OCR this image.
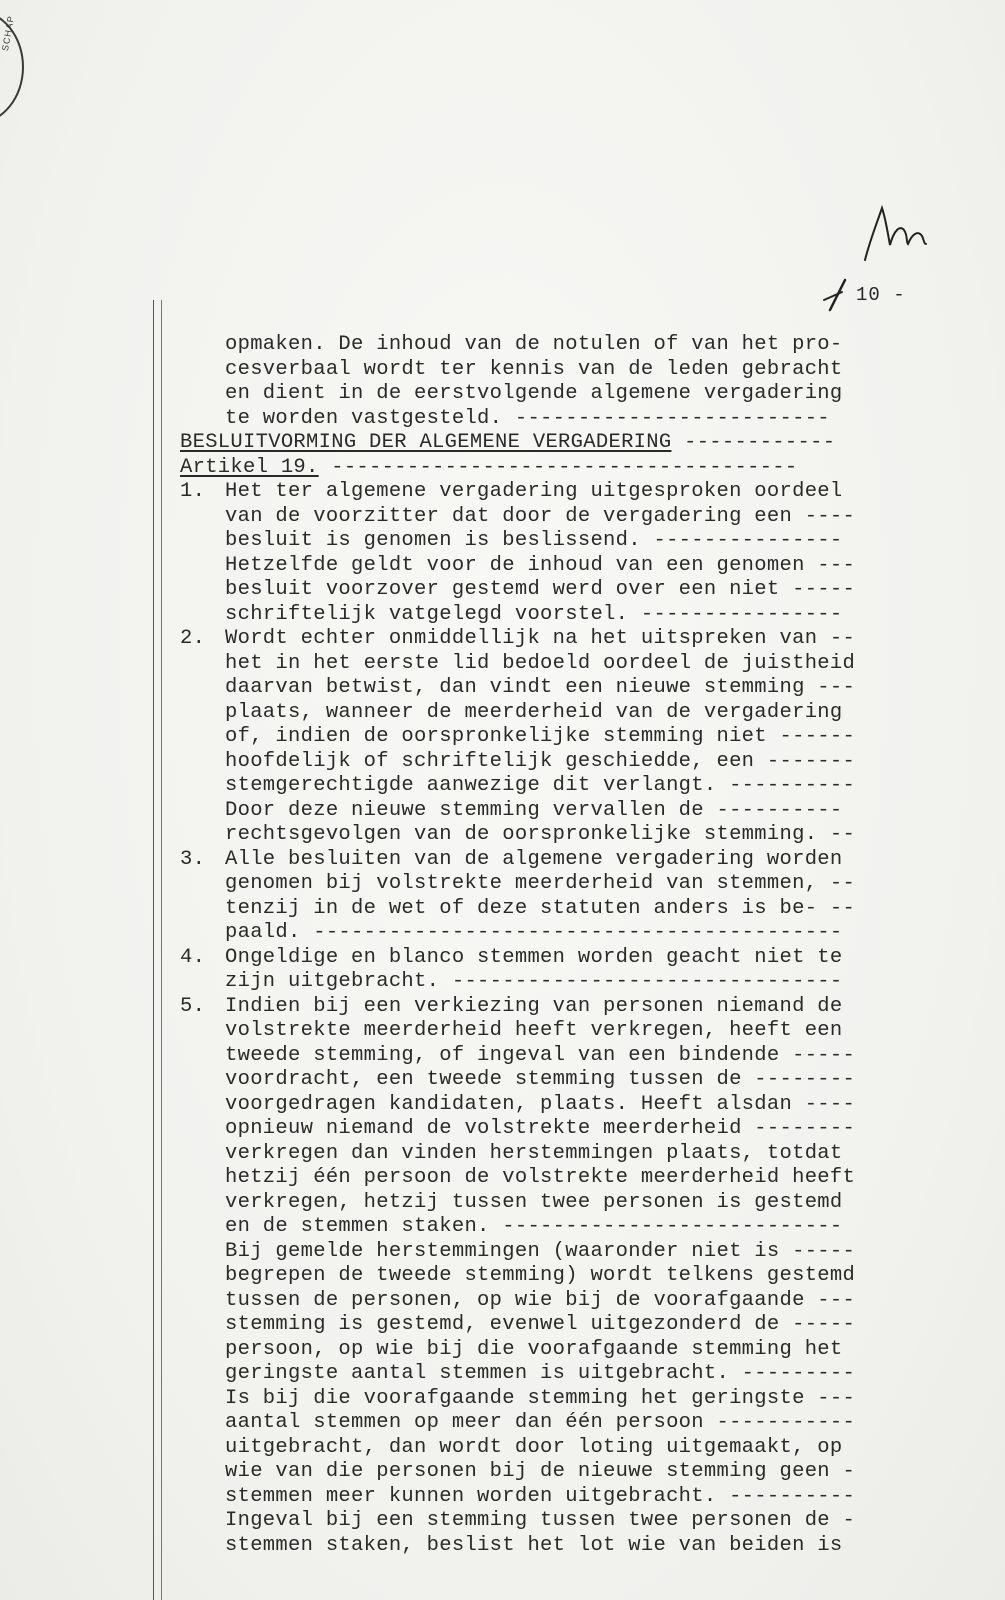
SCHAP
10 -
opmaken. De inhoud van de notulen of van het pro-
cesverbaal wordt ter kennis van de leden gebracht
en dient in de eerstvolgende algemene vergadering
te worden vastgesteld. -------------------------
BESLUITVORMING DER ALGEMENE VERGADERING ------------
Artikel 19. -------------------------------------
1. Het ter algemene vergadering uitgesproken oordeel
van de voorzitter dat door de vergadering een ----
besluit is genomen is beslissend. ---------------
Hetzelfde geldt voor de inhoud van een genomen ---
besluit voorzover gestemd werd over een niet -----
schriftelijk vatgelegd voorstel. ----------------
2. Wordt echter onmiddellijk na het uitspreken van --
het in het eerste lid bedoeld oordeel de juistheid
daarvan betwist, dan vindt een nieuwe stemming ---
plaats, wanneer de meerderheid van de vergadering
of, indien de oorspronkelijke stemming niet ------
hoofdelijk of schriftelijk geschiedde, een -------
stemgerechtigde aanwezige dit verlangt. ----------
Door deze nieuwe stemming vervallen de ----------
rechtsgevolgen van de oorspronkelijke stemming. --
3. Alle besluiten van de algemene vergadering worden
genomen bij volstrekte meerderheid van stemmen, --
tenzij in de wet of deze statuten anders is be- --
paald. ------------------------------------------
4. Ongeldige en blanco stemmen worden geacht niet te
zijn uitgebracht. -------------------------------
5. Indien bij een verkiezing van personen niemand de
volstrekte meerderheid heeft verkregen, heeft een
tweede stemming, of ingeval van een bindende -----
voordracht, een tweede stemming tussen de --------
voorgedragen kandidaten, plaats. Heeft alsdan ----
opnieuw niemand de volstrekte meerderheid --------
verkregen dan vinden herstemmingen plaats, totdat
hetzij één persoon de volstrekte meerderheid heeft
verkregen, hetzij tussen twee personen is gestemd
en de stemmen staken. ---------------------------
Bij gemelde herstemmingen (waaronder niet is -----
begrepen de tweede stemming) wordt telkens gestemd
tussen de personen, op wie bij de voorafgaande ---
stemming is gestemd, evenwel uitgezonderd de -----
persoon, op wie bij die voorafgaande stemming het
geringste aantal stemmen is uitgebracht. ---------
Is bij die voorafgaande stemming het geringste ---
aantal stemmen op meer dan één persoon -----------
uitgebracht, dan wordt door loting uitgemaakt, op
wie van die personen bij de nieuwe stemming geen -
stemmen meer kunnen worden uitgebracht. ----------
Ingeval bij een stemming tussen twee personen de -
stemmen staken, beslist het lot wie van beiden is
